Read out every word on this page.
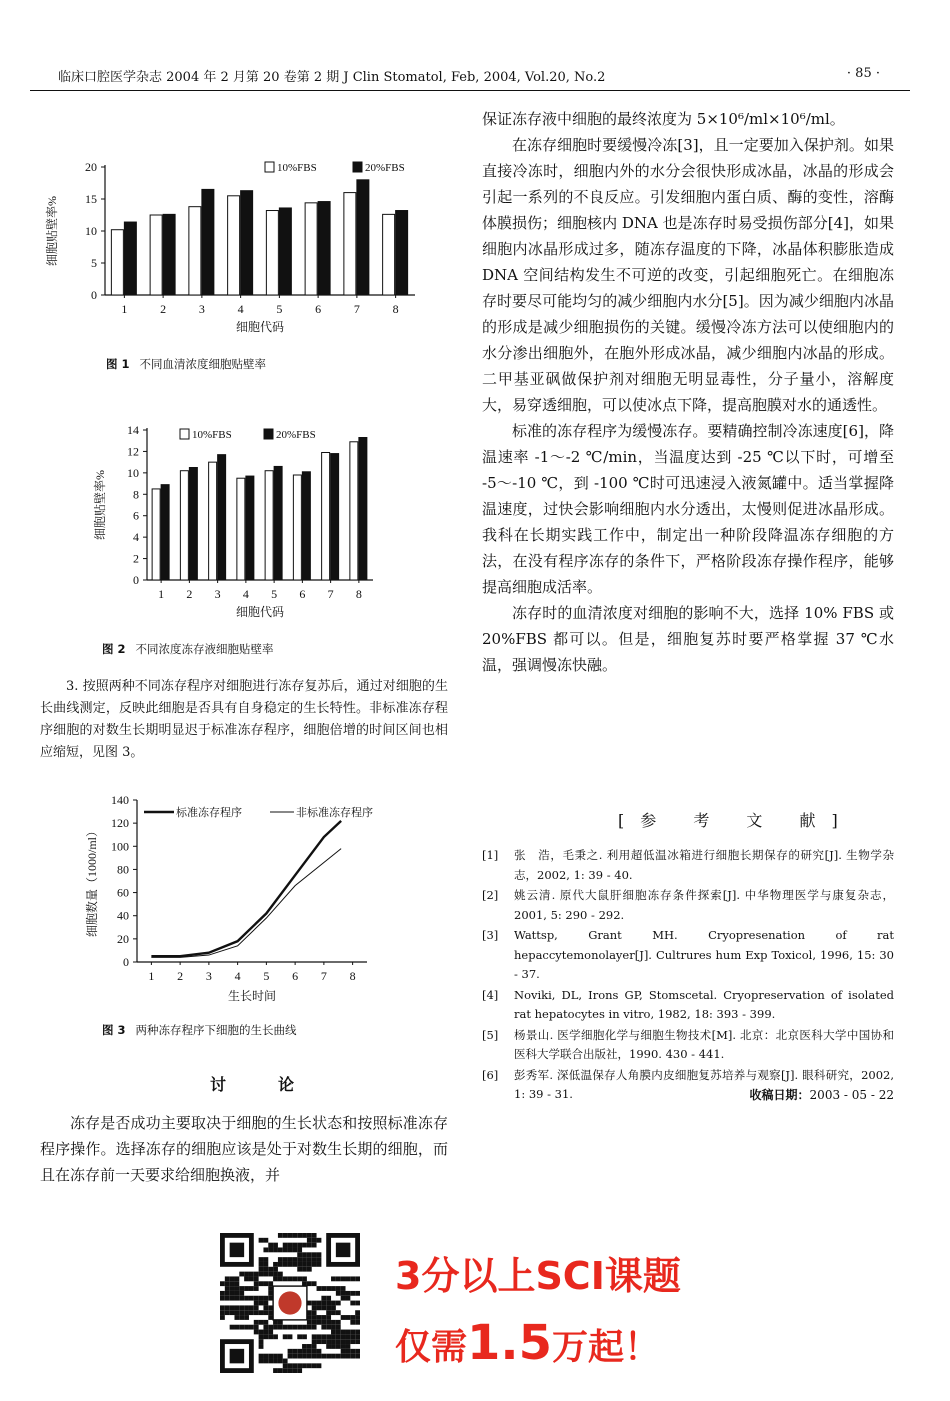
临床口腔医学杂志 2004 年 2 月第 20 卷第 2 期 J Clin Stomatol, Feb, 2004, Vol.20, No.2	· 85 ·
0
5
10
15
20
1	2	3	4	5	6	7	8
细胞代码
细胞贴壁率%
10%FBS	20%FBS
图 1 不同血清浓度细胞贴壁率
0
2
4
6
8
10
12
14
1 2 3 4 5 6 7 8
细胞代码
细胞贴壁率%
10%FBS	20%FBS
图 2 不同浓度冻存液细胞贴壁率

3. 按照两种不同冻存程序对细胞进行冻存复苏后，通过对细胞的生长曲线测定，反映此细胞是否具有自身稳定的生长特性。非标准冻存程序细胞的对数生长期明显迟于标准冻存程序，细胞倍增的时间区间也相应缩短，见图 3。

0
20
40
60
80
100
120
140
1 2 3 4 5 6 7 8
生长时间
细胞数量（1000/ml）
标准冻存程序	非标准冻存程序
图 3 两种冻存程序下细胞的生长曲线
讨　论

冻存是否成功主要取决于细胞的生长状态和按照标准冻存程序操作。选择冻存的细胞应该是处于对数生长期的细胞，而且在冻存前一天要求给细胞换液，并

保证冻存液中细胞的最终浓度为 5×10⁶/ml×10⁶/ml。

在冻存细胞时要缓慢冷冻[3]，且一定要加入保护剂。如果直接冷冻时，细胞内外的水分会很快形成冰晶，冰晶的形成会引起一系列的不良反应。引发细胞内蛋白质、酶的变性，溶酶体膜损伤；细胞核内 DNA 也是冻存时易受损伤部分[4]，如果细胞内冰晶形成过多，随冻存温度的下降，冰晶体积膨胀造成 DNA 空间结构发生不可逆的改变，引起细胞死亡。在细胞冻存时要尽可能均匀的减少细胞内水分[5]。因为减少细胞内冰晶的形成是减少细胞损伤的关键。缓慢冷冻方法可以使细胞内的水分渗出细胞外，在胞外形成冰晶，减少细胞内冰晶的形成。二甲基亚砜做保护剂对细胞无明显毒性，分子量小，溶解度大，易穿透细胞，可以使冰点下降，提高胞膜对水的通透性。

标准的冻存程序为缓慢冻存。要精确控制冷冻速度[6]，降温速率 -1～-2 ℃/min，当温度达到 -25 ℃以下时，可增至 -5～-10 ℃，到 -100 ℃时可迅速浸入液氮罐中。适当掌握降温速度，过快会影响细胞内水分透出，太慢则促进冰晶形成。我科在长期实践工作中，制定出一种阶段降温冻存细胞的方法，在没有程序冻存的条件下，严格阶段冻存操作程序，能够提高细胞成活率。

冻存时的血清浓度对细胞的影响不大，选择 10% FBS 或 20%FBS 都可以。但是，细胞复苏时要严格掌握 37 ℃水温，强调慢冻快融。

[参 考 文 献]
[1]	张　浩，毛秉之. 利用超低温冰箱进行细胞长期保存的研究[J]. 生物学杂志，2002, 1: 39 - 40.
[2]	姚云清. 原代大鼠肝细胞冻存条件探索[J]. 中华物理医学与康复杂志，2001, 5: 290 - 292.
[3]	Wattsp, Grant MH. Cryopresenation of rat hepaccytemonolayer[J]. Cultrures hum Exp Toxicol, 1996, 15: 30 - 37.
[4]	Noviki, DL, Irons GP, Stomscetal. Cryopreservation of isolated rat hepatocytes in vitro, 1982, 18: 393 - 399.
[5]	杨景山. 医学细胞化学与细胞生物技术[M]. 北京：北京医科大学中国协和医科大学联合出版社，1990. 430 - 441.
[6]	彭秀军. 深低温保存人角膜内皮细胞复苏培养与观察[J]. 眼科研究，2002, 1: 39 - 31.	收稿日期：2003 - 05 - 22
3分以上SCI课题
仅需1.5万起！
